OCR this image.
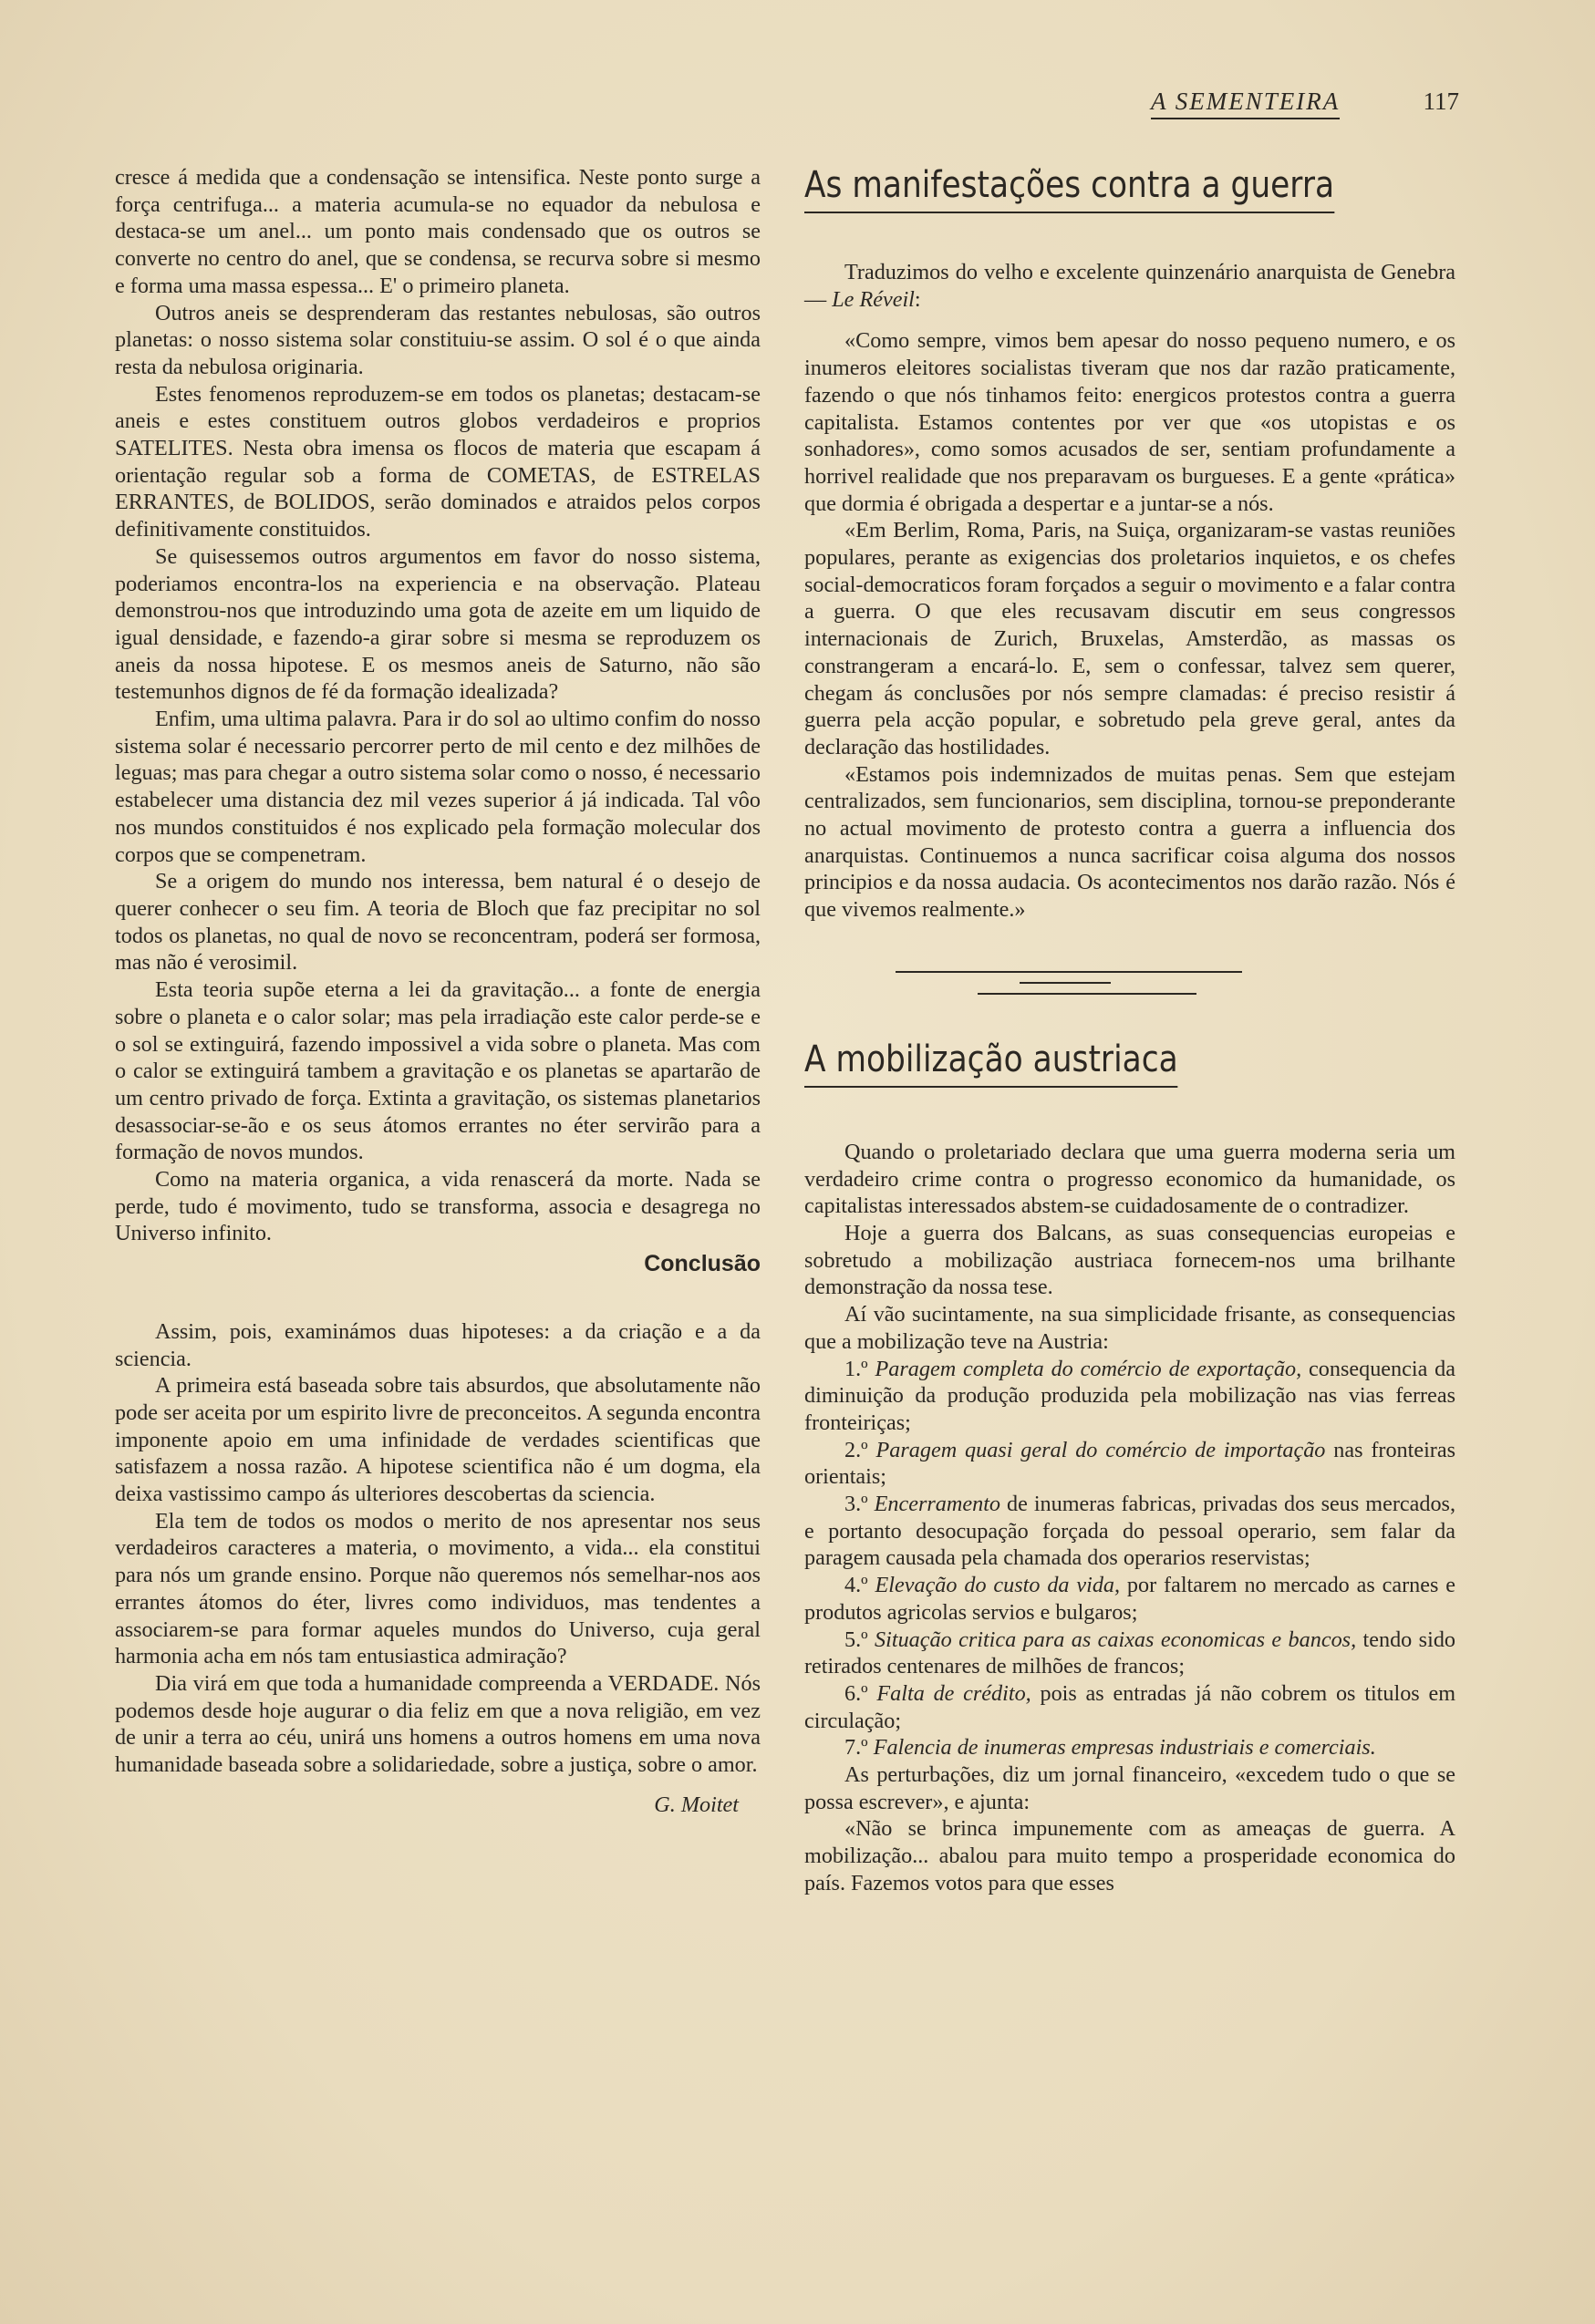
A SEMENTEIRA	117

cresce á medida que a condensação se intensifica. Neste ponto surge a força centrifuga... a materia acumula-se no equador da nebulosa e destaca-se um anel... um ponto mais condensado que os outros se converte no centro do anel, que se condensa, se recurva sobre si mesmo e forma uma massa espessa... E' o primeiro planeta.

Outros aneis se desprenderam das restantes nebulosas, são outros planetas: o nosso sistema solar constituiu-se assim. O sol é o que ainda resta da nebulosa originaria.

Estes fenomenos reproduzem-se em todos os planetas; destacam-se aneis e estes constituem outros globos verdadeiros e proprios SATELITES. Nesta obra imensa os flocos de materia que escapam á orientação regular sob a forma de COMETAS, de ESTRELAS ERRANTES, de BOLIDOS, serão dominados e atraidos pelos corpos definitivamente constituidos.

Se quisessemos outros argumentos em favor do nosso sistema, poderiamos encontra-los na experiencia e na observação. Plateau demonstrou-nos que introduzindo uma gota de azeite em um liquido de igual densidade, e fazendo-a girar sobre si mesma se reproduzem os aneis da nossa hipotese. E os mesmos aneis de Saturno, não são testemunhos dignos de fé da formação idealizada?

Enfim, uma ultima palavra. Para ir do sol ao ultimo confim do nosso sistema solar é necessario percorrer perto de mil cento e dez milhões de leguas; mas para chegar a outro sistema solar como o nosso, é necessario estabelecer uma distancia dez mil vezes superior á já indicada. Tal vôo nos mundos constituidos é nos explicado pela formação molecular dos corpos que se compenetram.

Se a origem do mundo nos interessa, bem natural é o desejo de querer conhecer o seu fim. A teoria de Bloch que faz precipitar no sol todos os planetas, no qual de novo se reconcentram, poderá ser formosa, mas não é verosimil.

Esta teoria supõe eterna a lei da gravitação... a fonte de energia sobre o planeta e o calor solar; mas pela irradiação este calor perde-se e o sol se extinguirá, fazendo impossivel a vida sobre o planeta. Mas com o calor se extinguirá tambem a gravitação e os planetas se apartarão de um centro privado de força. Extinta a gravitação, os sistemas planetarios desassociar-se-ão e os seus átomos errantes no éter servirão para a formação de novos mundos.

Como na materia organica, a vida renascerá da morte. Nada se perde, tudo é movimento, tudo se transforma, associa e desagrega no Universo infinito.

Conclusão

Assim, pois, examinámos duas hipoteses: a da criação e a da sciencia.

A primeira está baseada sobre tais absurdos, que absolutamente não pode ser aceita por um espirito livre de preconceitos. A segunda encontra imponente apoio em uma infinidade de verdades scientificas que satisfazem a nossa razão. A hipotese scientifica não é um dogma, ela deixa vastissimo campo ás ulteriores descobertas da sciencia.

Ela tem de todos os modos o merito de nos apresentar nos seus verdadeiros caracteres a materia, o movimento, a vida... ela constitui para nós um grande ensino. Porque não queremos nós semelhar-nos aos errantes átomos do éter, livres como individuos, mas tendentes a associarem-se para formar aqueles mundos do Universo, cuja geral harmonia acha em nós tam entusiastica admiração?

Dia virá em que toda a humanidade compreenda a VERDADE. Nós podemos desde hoje augurar o dia feliz em que a nova religião, em vez de unir a terra ao céu, unirá uns homens a outros homens em uma nova humanidade baseada sobre a solidariedade, sobre a justiça, sobre o amor.

G. Moitet
As manifestações contra a guerra

Traduzimos do velho e excelente quinzenário anarquista de Genebra — Le Réveil:

«Como sempre, vimos bem apesar do nosso pequeno numero, e os inumeros eleitores socialistas tiveram que nos dar razão praticamente, fazendo o que nós tinhamos feito: energicos protestos contra a guerra capitalista. Estamos contentes por ver que «os utopistas e os sonhadores», como somos acusados de ser, sentiam profundamente a horrivel realidade que nos preparavam os burgueses. E a gente «prática» que dormia é obrigada a despertar e a juntar-se a nós.

«Em Berlim, Roma, Paris, na Suiça, organizaram-se vastas reuniões populares, perante as exigencias dos proletarios inquietos, e os chefes social-democraticos foram forçados a seguir o movimento e a falar contra a guerra. O que eles recusavam discutir em seus congressos internacionais de Zurich, Bruxelas, Amsterdão, as massas os constrangeram a encará-lo. E, sem o confessar, talvez sem querer, chegam ás conclusões por nós sempre clamadas: é preciso resistir á guerra pela acção popular, e sobretudo pela greve geral, antes da declaração das hostilidades.

«Estamos pois indemnizados de muitas penas. Sem que estejam centralizados, sem funcionarios, sem disciplina, tornou-se preponderante no actual movimento de protesto contra a guerra a influencia dos anarquistas. Continuemos a nunca sacrificar coisa alguma dos nossos principios e da nossa audacia. Os acontecimentos nos darão razão. Nós é que vivemos realmente.»

A mobilização austriaca

Quando o proletariado declara que uma guerra moderna seria um verdadeiro crime contra o progresso economico da humanidade, os capitalistas interessados abstem-se cuidadosamente de o contradizer.

Hoje a guerra dos Balcans, as suas consequencias europeias e sobretudo a mobilização austriaca fornecem-nos uma brilhante demonstração da nossa tese.

Aí vão sucintamente, na sua simplicidade frisante, as consequencias que a mobilização teve na Austria:

1.º Paragem completa do comércio de exportação, consequencia da diminuição da produção produzida pela mobilização nas vias ferreas fronteiriças;

2.º Paragem quasi geral do comércio de importação nas fronteiras orientais;

3.º Encerramento de inumeras fabricas, privadas dos seus mercados, e portanto desocupação forçada do pessoal operario, sem falar da paragem causada pela chamada dos operarios reservistas;

4.º Elevação do custo da vida, por faltarem no mercado as carnes e produtos agricolas servios e bulgaros;

5.º Situação critica para as caixas economicas e bancos, tendo sido retirados centenares de milhões de francos;

6.º Falta de crédito, pois as entradas já não cobrem os titulos em circulação;

7.º Falencia de inumeras empresas industriais e comerciais.

As perturbações, diz um jornal financeiro, «excedem tudo o que se possa escrever», e ajunta:

«Não se brinca impunemente com as ameaças de guerra. A mobilização... abalou para muito tempo a prosperidade economica do país. Fazemos votos para que esses
